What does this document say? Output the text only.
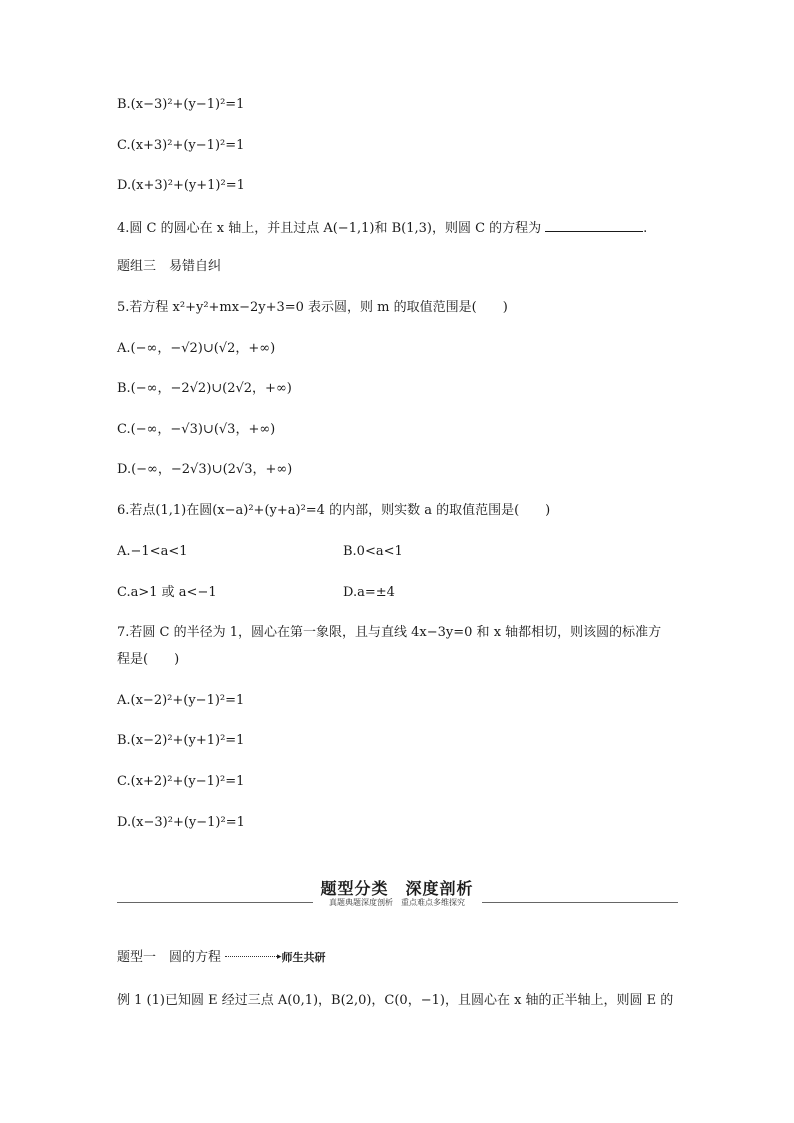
B.(x−3)²+(y−1)²=1
C.(x+3)²+(y−1)²=1
D.(x+3)²+(y+1)²=1
4.圆 C 的圆心在 x 轴上，并且过点 A(−1,1)和 B(1,3)，则圆 C 的方程为	.
题组三　易错自纠
5.若方程 x²+y²+mx−2y+3=0 表示圆，则 m 的取值范围是(　　)
A.(−∞，−√2)∪(√2，+∞)
B.(−∞，−2√2)∪(2√2，+∞)
C.(−∞，−√3)∪(√3，+∞)
D.(−∞，−2√3)∪(2√3，+∞)
6.若点(1,1)在圆(x−a)²+(y+a)²=4 的内部，则实数 a 的取值范围是(　　)
A.−1<a<1	B.0<a<1
C.a>1 或 a<−1	D.a=±4
7.若圆 C 的半径为 1，圆心在第一象限，且与直线 4x−3y=0 和 x 轴都相切，则该圆的标准方
程是(　　)
A.(x−2)²+(y−1)²=1
B.(x−2)²+(y+1)²=1
C.(x+2)²+(y−1)²=1
D.(x−3)²+(y−1)²=1
题型分类　深度剖析
真题典题深度剖析　重点难点多维探究
题型一　圆的方程	▸师生共研
例 1 (1)已知圆 E 经过三点 A(0,1)，B(2,0)，C(0，−1)，且圆心在 x 轴的正半轴上，则圆 E 的
